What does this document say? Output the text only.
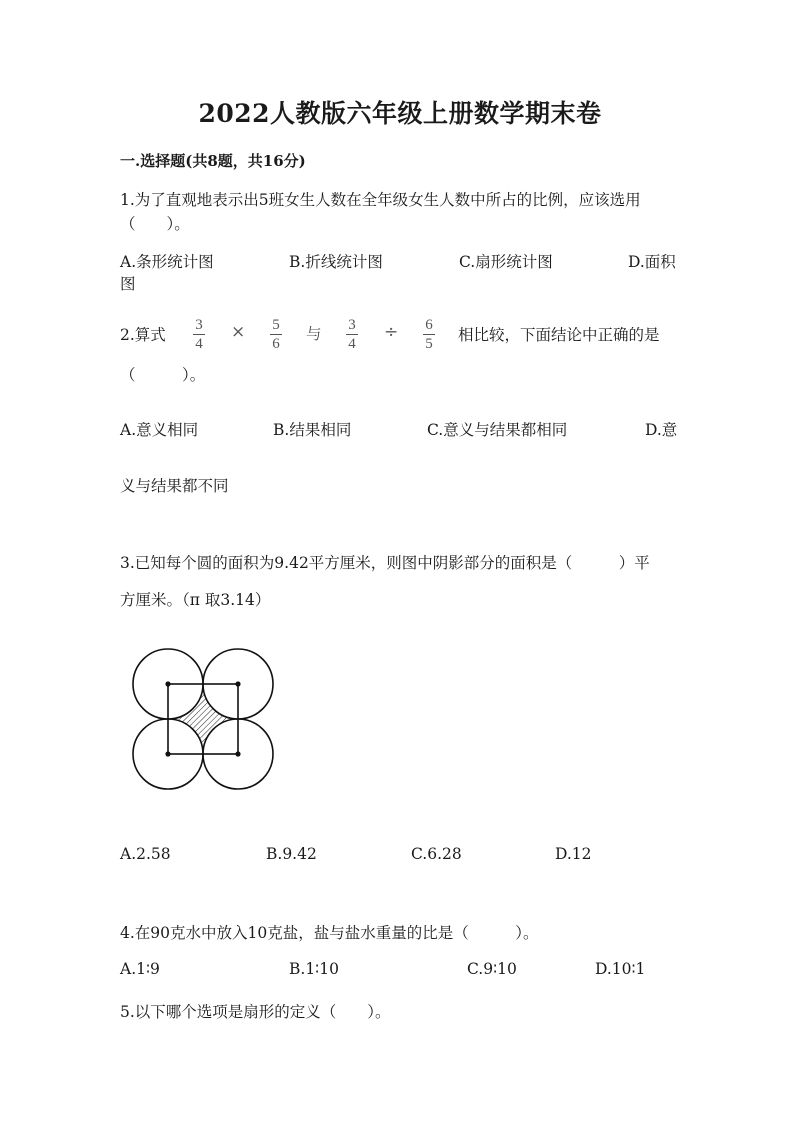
2022人教版六年级上册数学期末卷
一.选择题(共8题，共16分)
1.为了直观地表示出5班女生人数在全年级女生人数中所占的比例，应该选用
（　　）。
A.条形统计图	B.折线统计图	C.扇形统计图	D.面积
图
2.算式
3
4
× 5
6
与 3
4
÷ 6
5 相比较，下面结论中正确的是
（　　　）。
A.意义相同	B.结果相同	C.意义与结果都相同	D.意
义与结果都不同
3.已知每个圆的面积为9.42平方厘米，则图中阴影部分的面积是（　　　）平
方厘米。（π 取3.14）
A.2.58	B.9.42	C.6.28	D.12
4.在90克水中放入10克盐，盐与盐水重量的比是（　　　）。
A.1∶9	B.1∶10	C.9∶10	D.10∶1
5.以下哪个选项是扇形的定义（　　）。
